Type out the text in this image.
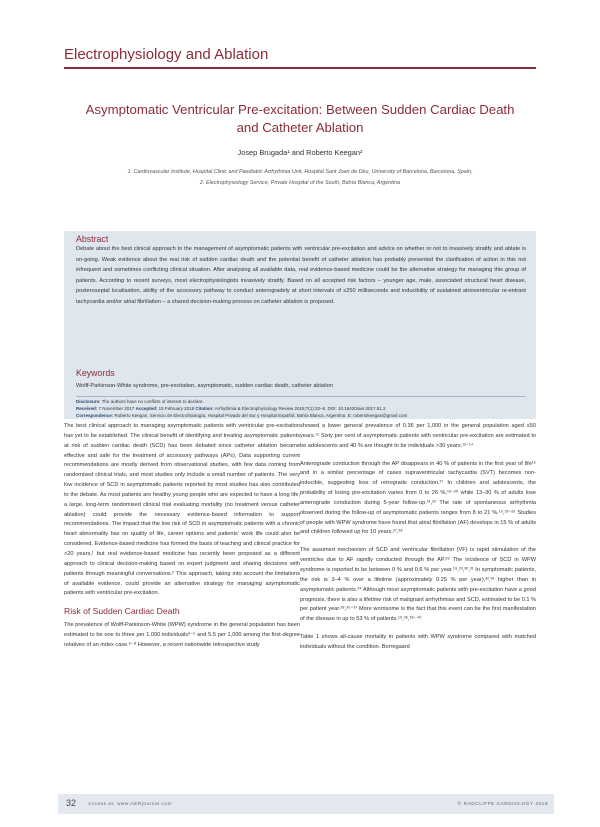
Electrophysiology and Ablation
Asymptomatic Ventricular Pre-excitation: Between Sudden Cardiac Death and Catheter Ablation
Josep Brugada¹ and Roberto Keegan²
1. Cardiovascular Institute, Hospital Clinic and Paediatric Arrhythmia Unit, Hospital Sant Joan de Déu, University of Barcelona, Barcelona, Spain;
2. Electrophysiology Service, Private Hospital of the South, Bahía Blanca, Argentina
Abstract
Debate about the best clinical approach to the management of asymptomatic patients with ventricular pre-excitation and advice on whether or not to invasively stratify and ablate is on-going. Weak evidence about the real risk of sudden cardiac death and the potential benefit of catheter ablation has probably prevented the clarification of action in this not infrequent and sometimes conflicting clinical situation. After analysing all available data, real evidence-based medicine could be the alternative strategy for managing this group of patients. According to recent surveys, most electrophysiologists invasively stratify. Based on all accepted risk factors – younger age, male, associated structural heart disease, posteroseptal localisation, ability of the accessory pathway to conduct anterogradely at short intervals of ≤250 milliseconds and inducibility of sustained atrioventricular re-entrant tachycardia and/or atrial fibrillation – a shared decision-making process on catheter ablation is proposed.
Keywords
Wolff-Parkinson-White syndrome, pre-excitation, asymptomatic, sudden cardiac death, catheter ablation
Disclosure: The authors have no conflicts of interest to declare.
Received: 7 November 2017 Accepted: 15 February 2018 Citation: Arrhythmia & Electrophysiology Review 2018;7(1):32–8. DOI: 10.15420/aer.2017.51.2
Correspondence: Roberto Keegan, Servicio de Electrofisiología, Hospital Privado del Sur y Hospital Español, Bahía Blanca, Argentina. E: robertokeegan@gmail.com

The best clinical approach to managing asymptomatic patients with ventricular pre-excitation has yet to be established. The clinical benefit of identifying and treating asymptomatic patients at risk of sudden cardiac death (SCD) has been debated since catheter ablation became effective and safe for the treatment of accessory pathways (APs). Data supporting current recommendations are mostly derived from observational studies, with few data coming from randomised clinical trials, and most studies only include a small number of patients. The very low incidence of SCD in asymptomatic patients reported by most studies has also contributed to the debate. As most patients are healthy young people who are expected to have a long life, a large, long-term randomised clinical trial evaluating mortality (no treatment versus catheter ablation) could provide the necessary evidence-based information to support recommendations. The impact that the low risk of SCD in asymptomatic patients with a chronic heart abnormality has on quality of life, career options and patients' work life could also be considered. Evidence-based medicine has formed the basis of teaching and clinical practice for >20 years,¹ but real evidence-based medicine has recently been proposed as a different approach to clinical decision-making based on expert judgment and sharing decisions with patients through meaningful conversations.² This approach, taking into account the limitations of available evidence, could provide an alternative strategy for managing asymptomatic patients with ventricular pre-excitation.

Risk of Sudden Cardiac Death

The prevalence of Wolff-Parkinson-White (WPW) syndrome in the general population has been estimated to be one to three per 1,000 individuals³⁻⁵ and 5.5 per 1,000 among the first-degree relatives of an index case.⁶⁻⁸ However, a recent nationwide retrospective study

showed a lower general prevalence of 0.36 per 1,000 in the general population aged ≤50 years.¹¹ Sixty per cent of asymptomatic patients with ventricular pre-excitation are estimated to be adolescents and 40 % are thought to be individuals >30 years.¹²⁻¹⁴

Anterograde conduction through the AP disappears in 40 % of patients in the first year of life¹⁵ and in a similar percentage of cases supraventricular tachycardia (SVT) becomes non-inducible, suggesting loss of retrograde conduction.¹⁷ In children and adolescents, the probability of losing pre-excitation varies from 0 to 26 %,¹⁸⁻²⁰ while 13–30 % of adults lose anterograde conduction during 5-year follow-up.²¹,²² The rate of spontaneous arrhythmia observed during the follow-up of asymptomatic patients ranges from 8 to 21 %.¹⁹,²³⁻²⁶ Studies of people with WPW syndrome have found that atrial fibrillation (AF) develops in 15 % of adults and children followed up for 10 years.²⁷,²⁸

The assumed mechanism of SCD and ventricular fibrillation (VF) is rapid stimulation of the ventricles due to AF rapidly conducted through the AP.²⁹ The incidence of SCD in WPW syndrome is reported to be between 0 % and 0.6 % per year.¹⁹,²³,³⁰,³¹ In symptomatic patients, the risk is 3–4 % over a lifetime (approximately 0.25 % per year),³²,³³ higher than in asymptomatic patients.³⁴ Although most asymptomatic patients with pre-excitation have a good prognosis, there is also a lifetime risk of malignant arrhythmias and SCD, estimated to be 0.1 % per patient year.²⁸,³⁵⁻³⁷ More worrisome is the fact that this event can be the first manifestation of the disease in up to 53 % of patients.¹⁹,³⁶,³⁸⁻⁴⁰

Table 1 shows all-cause mortality in patients with WPW syndrome compared with matched individuals without the condition. Borregaard

32 Access at: www.AERjournal.com	© RADCLIFFE CARDIOLOGY 2018
